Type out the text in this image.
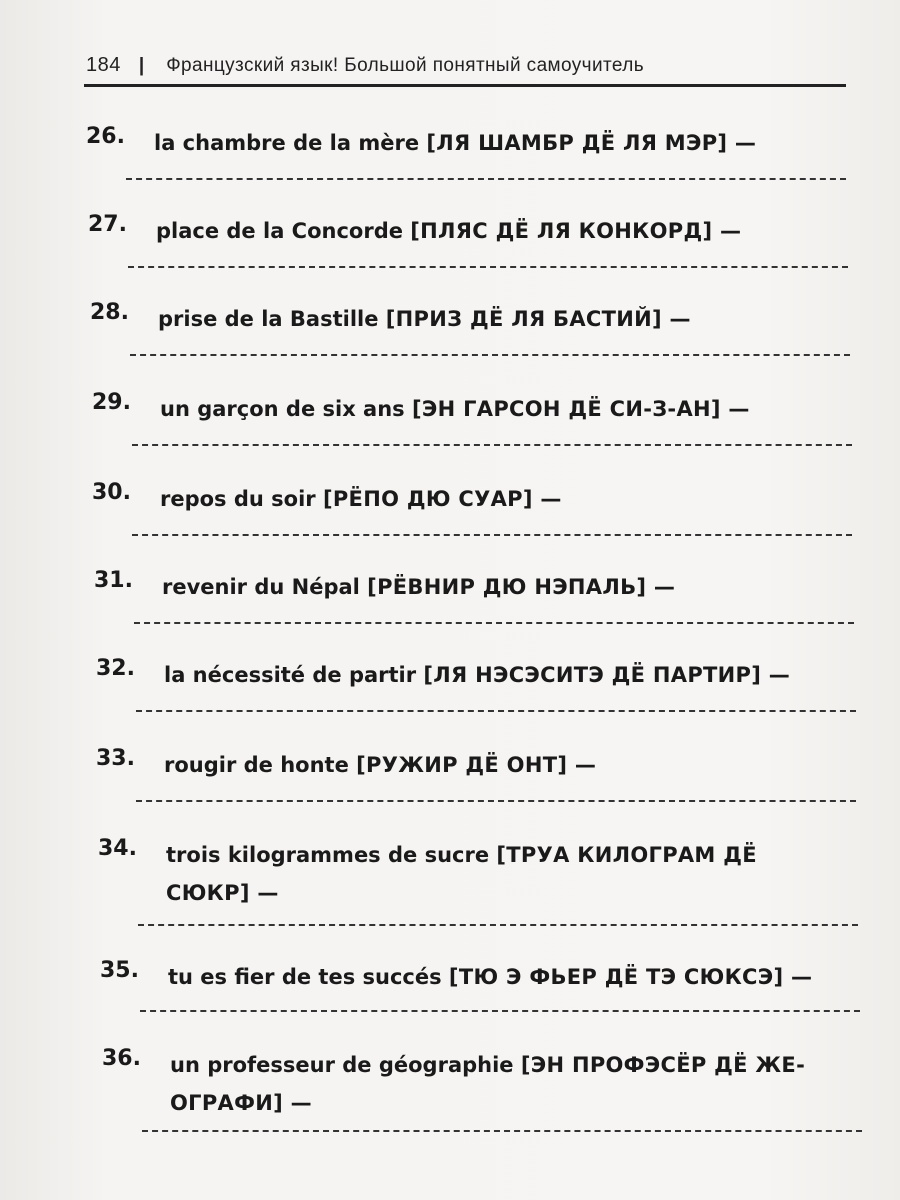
184 | Французский язык! Большой понятный самоучитель
26. la chambre de la mère [ЛЯ ШАМБР ДЁ ЛЯ МЭР] —
27. place de la Concorde [ПЛЯС ДЁ ЛЯ КОНКОРД] —
28. prise de la Bastille [ПРИЗ ДЁ ЛЯ БАСТИЙ] —
29. un garçon de six ans [ЭН ГАРСОН ДЁ СИ-З-АН] —
30. repos du soir [РЁПО ДЮ СУАР] —
31. revenir du Népal [РЁВНИР ДЮ НЭПАЛЬ] —
32. la nécessité de partir [ЛЯ НЭСЭСИТЭ ДЁ ПАРТИР] —
33. rougir de honte [РУЖИР ДЁ ОНТ] —
34. trois kilogrammes de sucre [ТРУА КИЛОГРАМ ДЁ СЮКР] —
35. tu es fier de tes succés [ТЮ Э ФЬЕР ДЁ ТЭ СЮКСЭ] —
36. un professeur de géographie [ЭН ПРОФЭСЁР ДЁ ЖЕ-ОГРАФИ] —
